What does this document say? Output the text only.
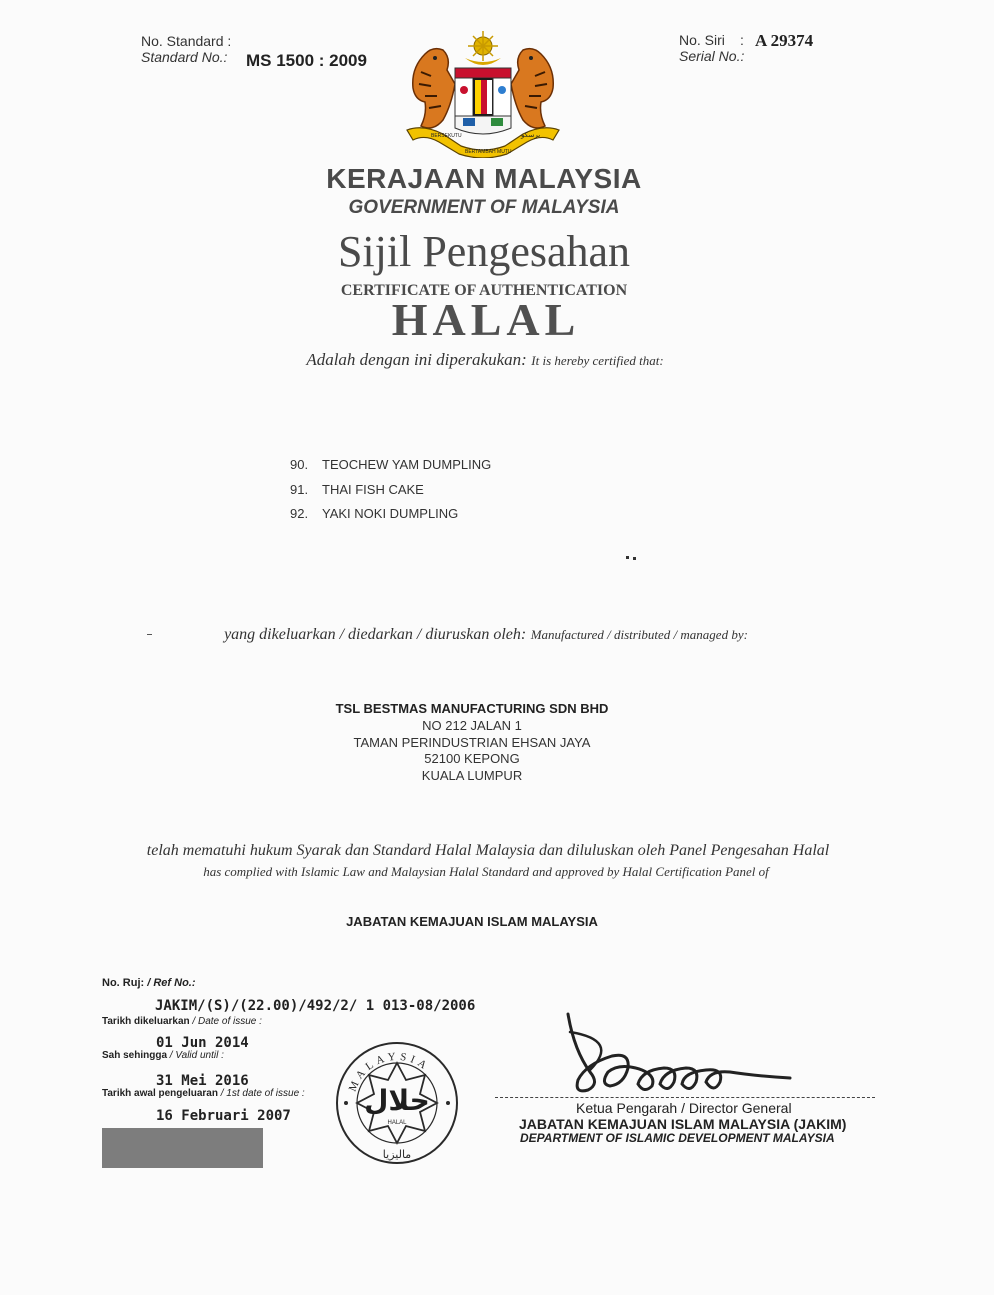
No. Standard :
Standard No.: MS 1500 : 2009
No. Siri :
Serial No.:
A 29374
BERSEKUTU
BERTAMBAH MUTU
ﺑﺮﺳﻜﻮ
KERAJAAN MALAYSIA
GOVERNMENT OF MALAYSIA
Sijil Pengesahan
CERTIFICATE OF AUTHENTICATION
HALAL
Adalah dengan ini diperakukan: It is hereby certified that:
90. TEOCHEW YAM DUMPLING
91. THAI FISH CAKE
92. YAKI NOKI DUMPLING
yang dikeluarkan / diedarkan / diuruskan oleh: Manufactured / distributed / managed by:
TSL BESTMAS MANUFACTURING SDN BHD
NO 212 JALAN 1
TAMAN PERINDUSTRIAN EHSAN JAYA
52100 KEPONG
KUALA LUMPUR
telah mematuhi hukum Syarak dan Standard Halal Malaysia dan diluluskan oleh Panel Pengesahan Halal
has complied with Islamic Law and Malaysian Halal Standard and approved by Halal Certification Panel of
JABATAN KEMAJUAN ISLAM MALAYSIA
No. Ruj: / Ref No.:
JAKIM/(S)/(22.00)/492/2/ 1 013-08/2006
Tarikh dikeluarkan / Date of issue :
01 Jun 2014
Sah sehingga / Valid until :
31 Mei 2016
Tarikh awal pengeluaran / 1st date of issue :
16 Februari 2007
MALAYSIA
حلال
HALAL
ماليزيا
Ketua Pengarah / Director General
JABATAN KEMAJUAN ISLAM MALAYSIA (JAKIM)
DEPARTMENT OF ISLAMIC DEVELOPMENT MALAYSIA
